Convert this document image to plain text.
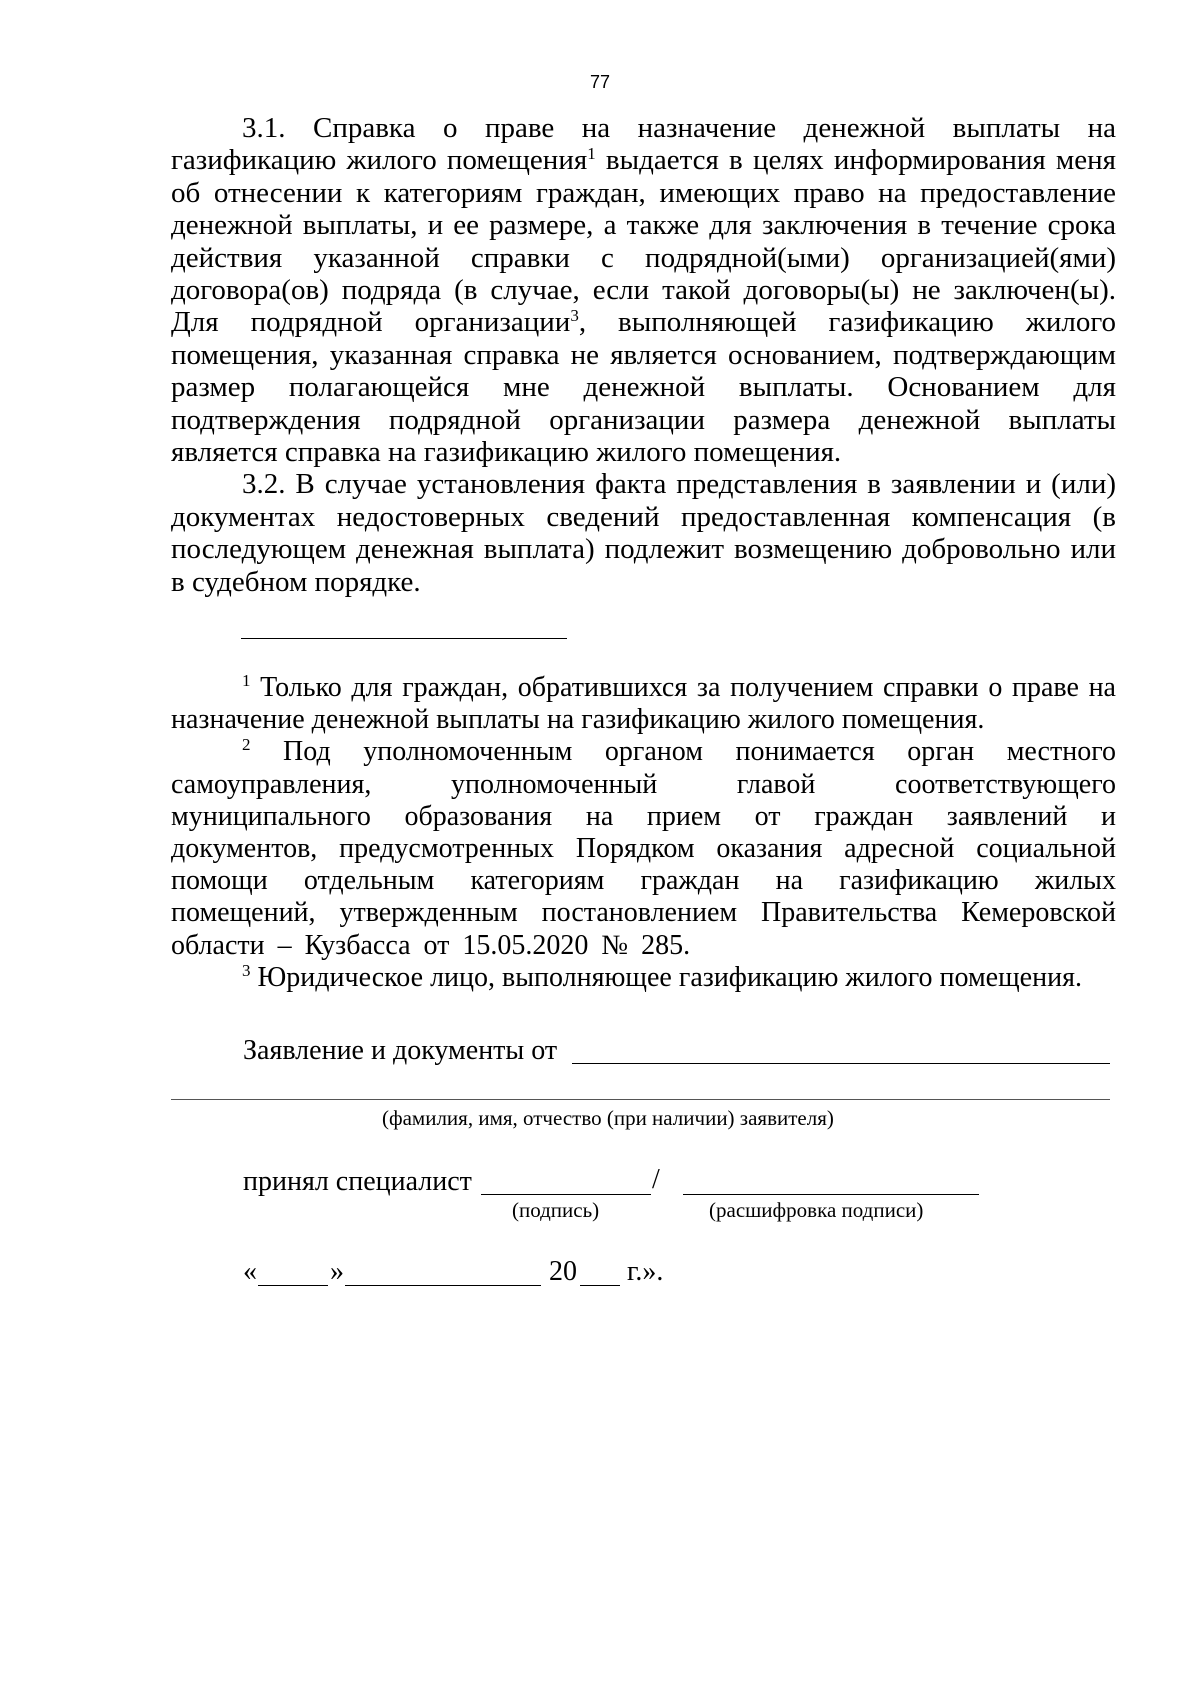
77

3.1. Справка о праве на назначение денежной выплаты на газификацию жилого помещения$^1$ выдается в целях информирования меня об отнесении к категориям граждан, имеющих право на предоставление денежной выплаты, и ее размере, а также для заключения в течение срока действия указанной справки с подрядной(ыми) организацией(ями) договора(ов) подряда (в случае, если такой договоры(ы) не заключен(ы). Для подрядной организации$^3$, выполняющей газификацию жилого помещения, указанная справка не является основанием, подтверждающим размер полагающейся мне денежной выплаты. Основанием для подтверждения подрядной организации размера денежной выплаты является справка на газификацию жилого помещения.

3.2. В случае установления факта представления в заявлении и (или) документах недостоверных сведений предоставленная компенсация (в последующем денежная выплата) подлежит возмещению добровольно или в судебном порядке.

$^1$ Только для граждан, обратившихся за получением справки о праве на назначение денежной выплаты на газификацию жилого помещения.

$^2$ Под уполномоченным органом понимается орган местного самоуправления, уполномоченный главой соответствующего муниципального образования на прием от граждан заявлений и документов, предусмотренных Порядком оказания адресной социальной помощи отдельным категориям граждан на газификацию жилых помещений, утвержденным постановлением Правительства Кемеровской области – Кузбасса от 15.05.2020 № 285.

$^3$ Юридическое лицо, выполняющее газификацию жилого помещения.

Заявление и документы от
(фамилия, имя, отчество (при наличии) заявителя)
принял специалист	/
(подпись)	(расшифровка подписи)
«	»	20 г.».
